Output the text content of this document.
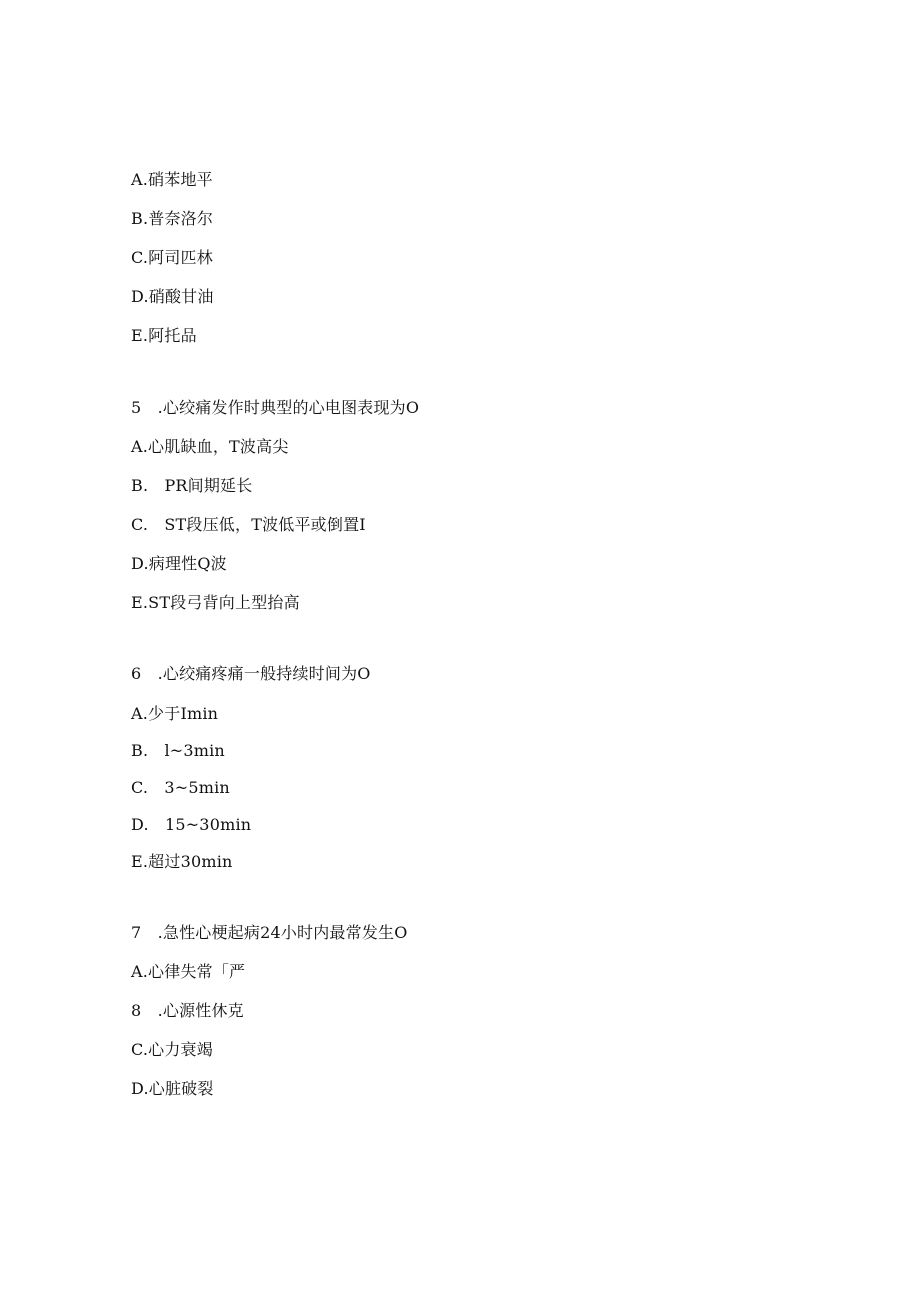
A.硝苯地平
B.普奈洛尔
C.阿司匹林
D.硝酸甘油
E.阿托品
5　.心绞痛发作时典型的心电图表现为O
A.心肌缺血，T波高尖
B.　PR间期延长
C.　ST段压低，T波低平或倒置I
D.病理性Q波
E.ST段弓背向上型抬高
6　.心绞痛疼痛一般持续时间为O
A.少于Imin
B.　l~3min
C.　3~5min
D.　15~30min
E.超过30min
7　.急性心梗起病24小时内最常发生O
A.心律失常「严
8　.心源性休克
C.心力衰竭
D.心脏破裂
